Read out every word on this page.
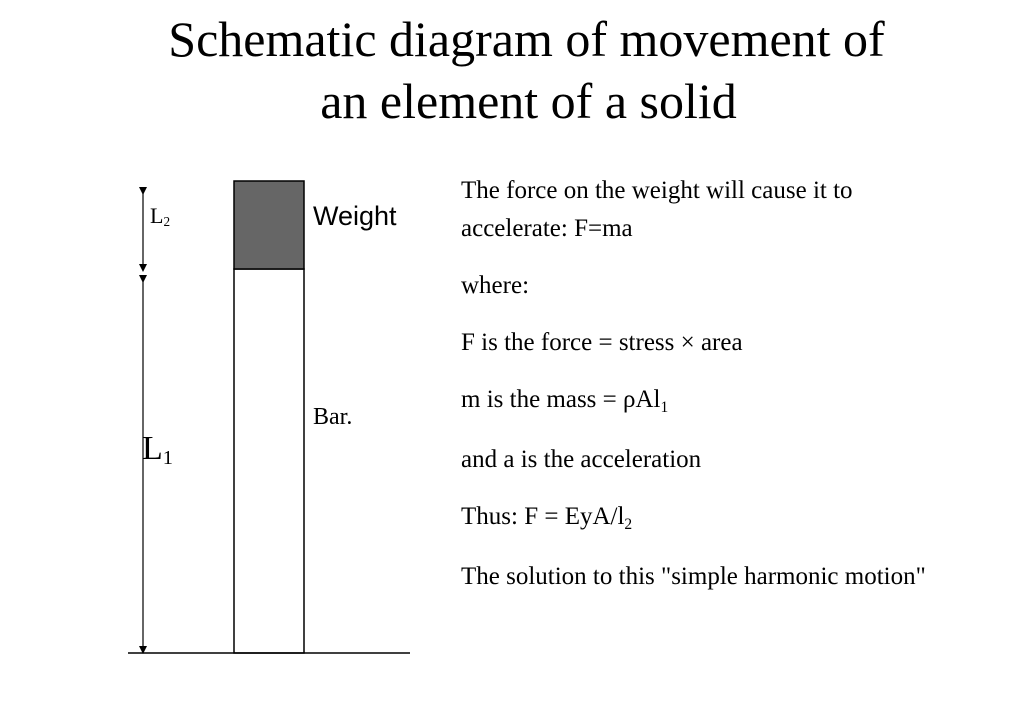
Schematic diagram of movement of
an element of a solid
$L_2$
$L_1$
Weight
Bar.

The force on the weight will cause it to accelerate: F=ma

where:

F is the force = stress × area

m is the mass = ρAl$_1$

and a is the acceleration

Thus: F = EyA/$l_2$

The solution to this "simple harmonic motion"
